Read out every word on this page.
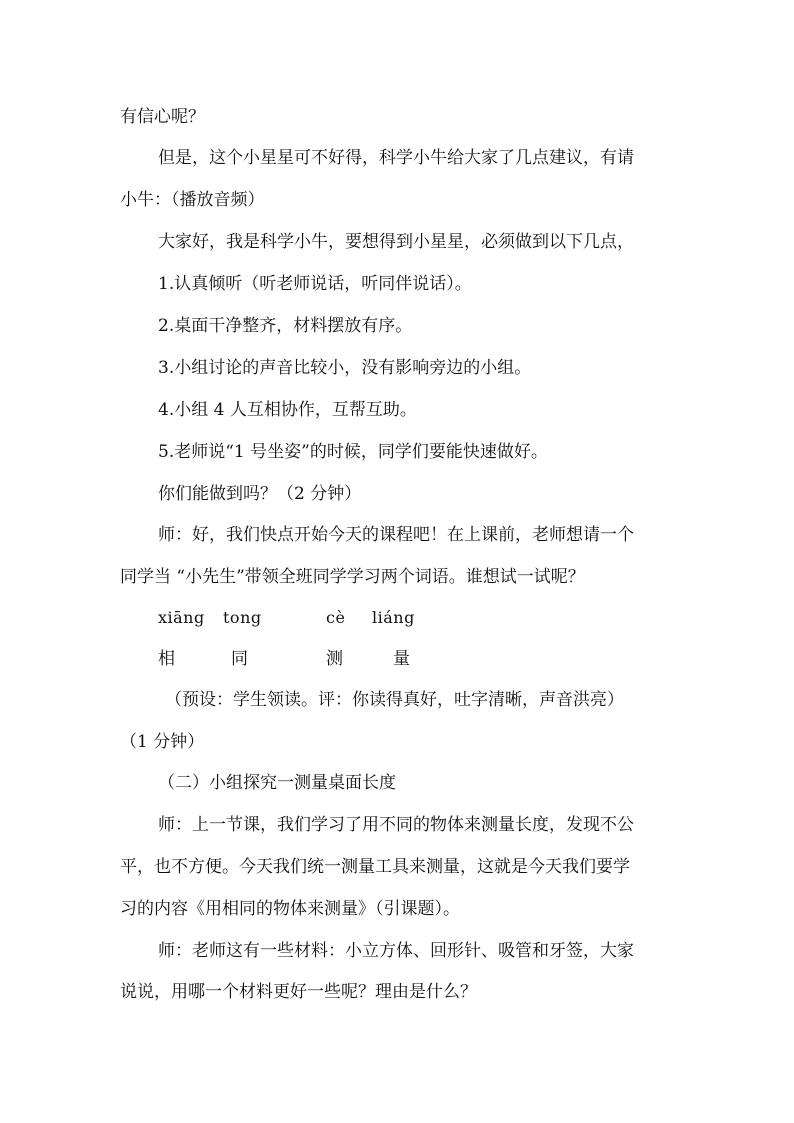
有信心呢？
但是，这个小星星可不好得，科学小牛给大家了几点建议，有请
小牛：（播放音频）
大家好，我是科学小牛，要想得到小星星，必须做到以下几点，
1.认真倾听（听老师说话，听同伴说话）。
2.桌面干净整齐，材料摆放有序。
3.小组讨论的声音比较小，没有影响旁边的小组。
4.小组 4 人互相协作，互帮互助。
5.老师说“1 号坐姿”的时候，同学们要能快速做好。
你们能做到吗？（2 分钟）
师：好，我们快点开始今天的课程吧！在上课前，老师想请一个
同学当 “小先生”带领全班同学学习两个词语。谁想试一试呢？
xiāng tong	cè liáng
相	同	测	量
（预设：学生领读。评：你读得真好，吐字清晰，声音洪亮）
（1 分钟）
（二）小组探究一测量桌面长度
师：上一节课，我们学习了用不同的物体来测量长度，发现不公
平，也不方便。今天我们统一测量工具来测量，这就是今天我们要学
习的内容《用相同的物体来测量》（引课题）。
师：老师这有一些材料：小立方体、回形针、吸管和牙签，大家
说说，用哪一个材料更好一些呢？理由是什么？
